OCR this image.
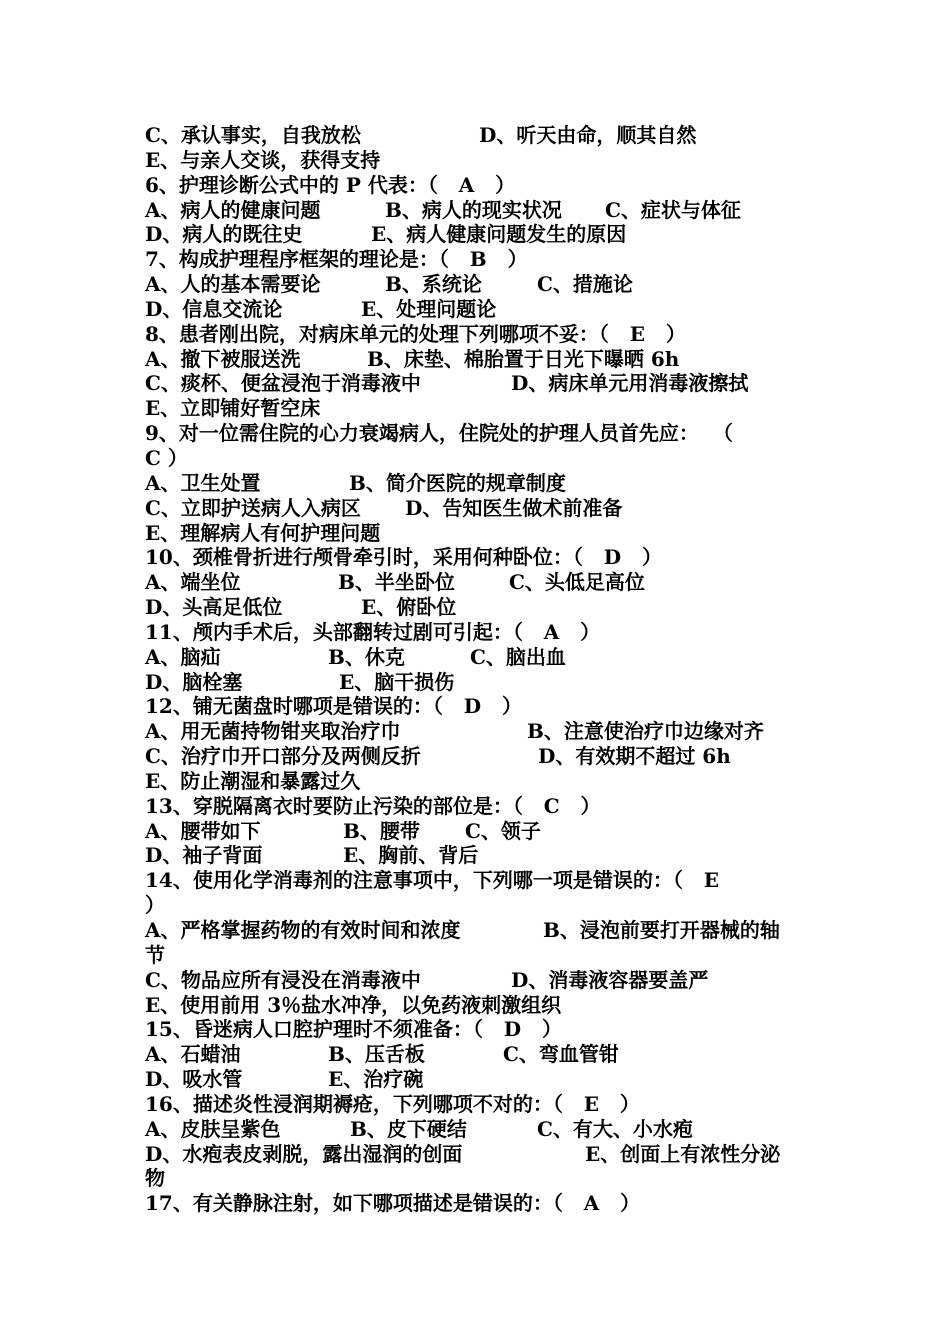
C、承认事实，自我放松	D、听天由命，顺其自然
E、与亲人交谈，获得支持
6、护理诊断公式中的 P 代表：（   A   ）
A、病人的健康问题	B、病人的现实状况 C、症状与体征
D、病人的既往史	E、病人健康问题发生的原因
7、构成护理程序框架的理论是：（   B   ）
A、人的基本需要论	B、系统论	C、措施论
D、信息交流论	E、处理问题论
8、患者刚出院，对病床单元的处理下列哪项不妥：（   E   ）
A、撤下被服送洗	B、床垫、棉胎置于日光下曝晒 6h
C、痰杯、便盆浸泡于消毒液中	D、病床单元用消毒液擦拭
E、立即铺好暂空床
9、对一位需住院的心力衰竭病人，住院处的护理人员首先应：  （
C ）
A、卫生处置	B、简介医院的规章制度
C、立即护送病人入病区 D、告知医生做术前准备
E、理解病人有何护理问题
10、颈椎骨折进行颅骨牵引时，采用何种卧位：（   D   ）
A、端坐位	B、半坐卧位	C、头低足高位
D、头高足低位	E、俯卧位
11、颅内手术后，头部翻转过剧可引起：（   A   ）
A、脑疝	B、休克	C、脑出血
D、脑栓塞	E、脑干损伤
12、铺无菌盘时哪项是错误的：（   D   ）
A、用无菌持物钳夹取治疗巾	B、注意使治疗巾边缘对齐
C、治疗巾开口部分及两侧反折	D、有效期不超过 6h
E、防止潮湿和暴露过久
13、穿脱隔离衣时要防止污染的部位是：（   C   ）
A、腰带如下	B、腰带 C、领子
D、袖子背面	E、胸前、背后
14、使用化学消毒剂的注意事项中，下列哪一项是错误的：（   E
）
A、严格掌握药物的有效时间和浓度	B、浸泡前要打开器械的轴
节
C、物品应所有浸没在消毒液中	D、消毒液容器要盖严
E、使用前用 3％盐水冲净，以免药液刺激组织
15、昏迷病人口腔护理时不须准备：（   D   ）
A、石蜡油	B、压舌板	C、弯血管钳
D、吸水管	E、治疗碗
16、描述炎性浸润期褥疮，下列哪项不对的：（   E   ）
A、皮肤呈紫色	B、皮下硬结	C、有大、小水疱
D、水疱表皮剥脱，露出湿润的创面	E、创面上有浓性分泌
物
17、有关静脉注射，如下哪项描述是错误的：（   A   ）
